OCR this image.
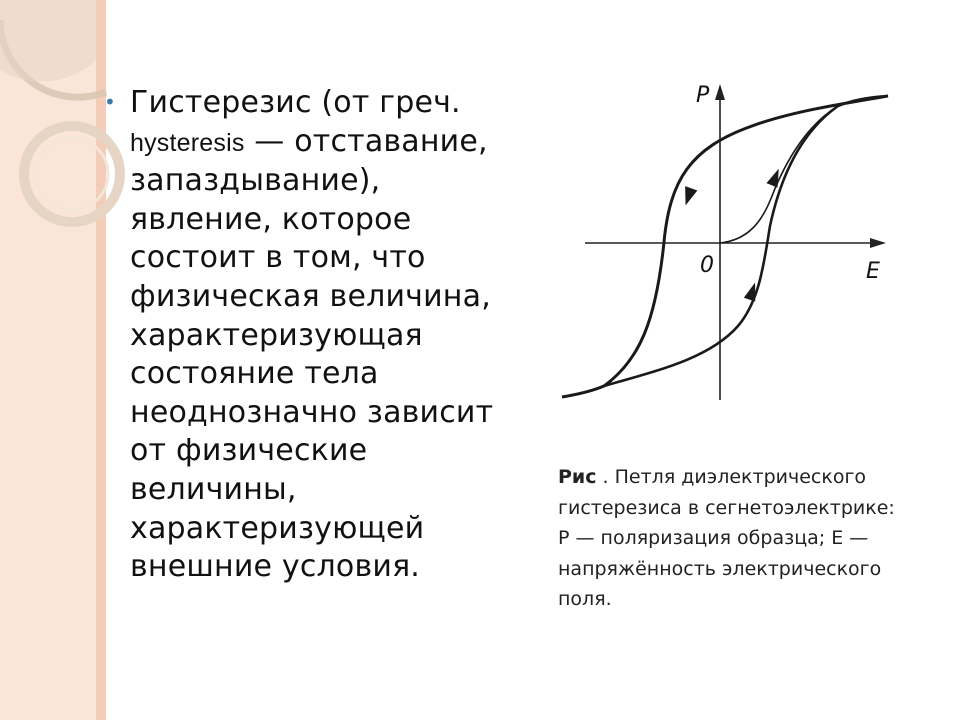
• Гистерезис (от греч. hysteresis — отставание, запаздывание), явление, которое состоит в том, что физическая величина, характеризующая состояние тела неоднозначно зависит от физические величины, характеризующей внешние условия.
P
0	E
Рис . Петля диэлектрического гистерезиса в сегнетоэлектрике: P — поляризация образца; E — напряжённость электрического поля.
